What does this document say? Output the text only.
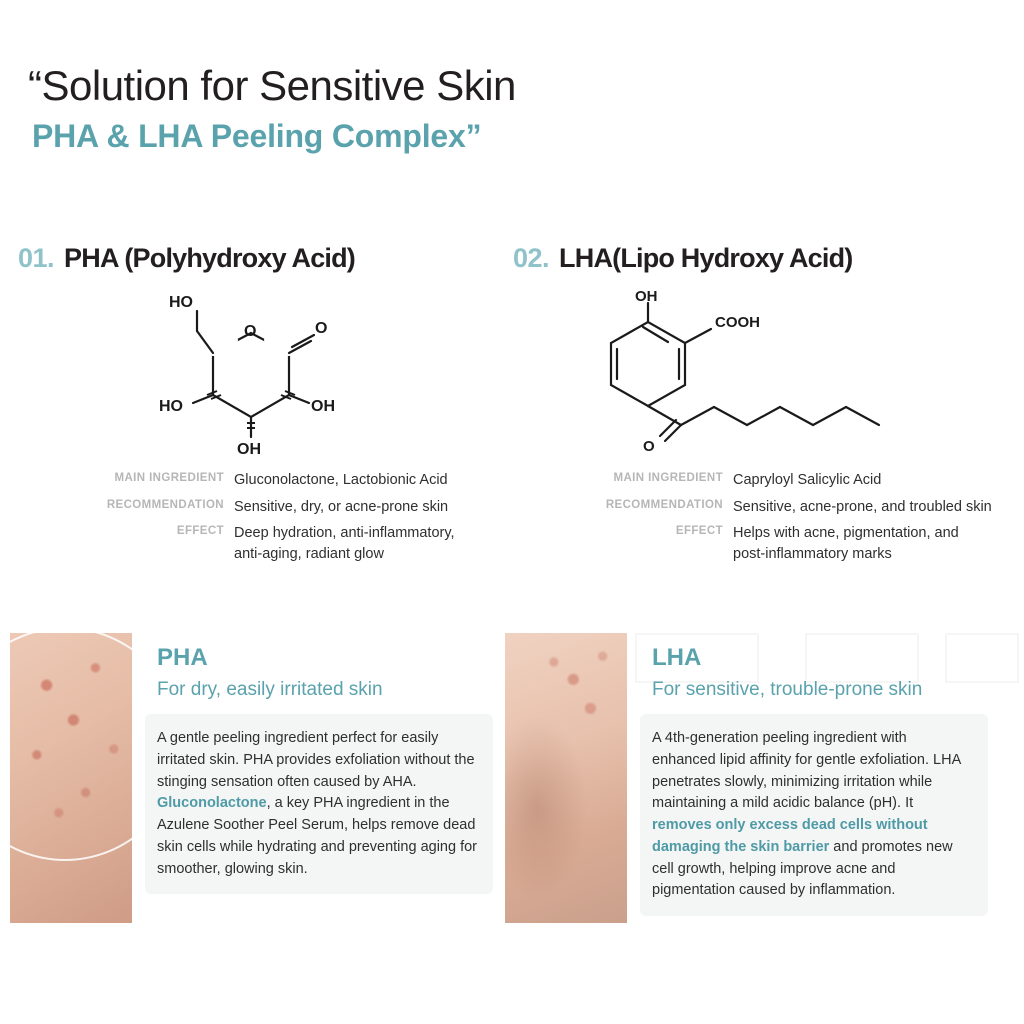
“Solution for Sensitive Skin
PHA & LHA Peeling Complex”
01. PHA (Polyhydroxy Acid)
HO
O	O
HO	OH
OH
MAIN INGREDIENT Gluconolactone, Lactobionic Acid
RECOMMENDATION Sensitive, dry, or acne-prone skin
EFFECT Deep hydration, anti-inflammatory, anti-aging, radiant glow
02. LHA(Lipo Hydroxy Acid)
OH
COOH
O
MAIN INGREDIENT Capryloyl Salicylic Acid
RECOMMENDATION Sensitive, acne-prone, and troubled skin
EFFECT Helps with acne, pigmentation, and post-inflammatory marks
PHA
For dry, easily irritated skin
A gentle peeling ingredient perfect for easily irritated skin. PHA provides exfoliation without the stinging sensation often caused by AHA. Gluconolactone, a key PHA ingredient in the Azulene Soother Peel Serum, helps remove dead skin cells while hydrating and preventing aging for smoother, glowing skin.
LHA
For sensitive, trouble-prone skin
A 4th-generation peeling ingredient with enhanced lipid affinity for gentle exfoliation. LHA penetrates slowly, minimizing irritation while maintaining a mild acidic balance (pH). It removes only excess dead cells without damaging the skin barrier and promotes new cell growth, helping improve acne and pigmentation caused by inflammation.
